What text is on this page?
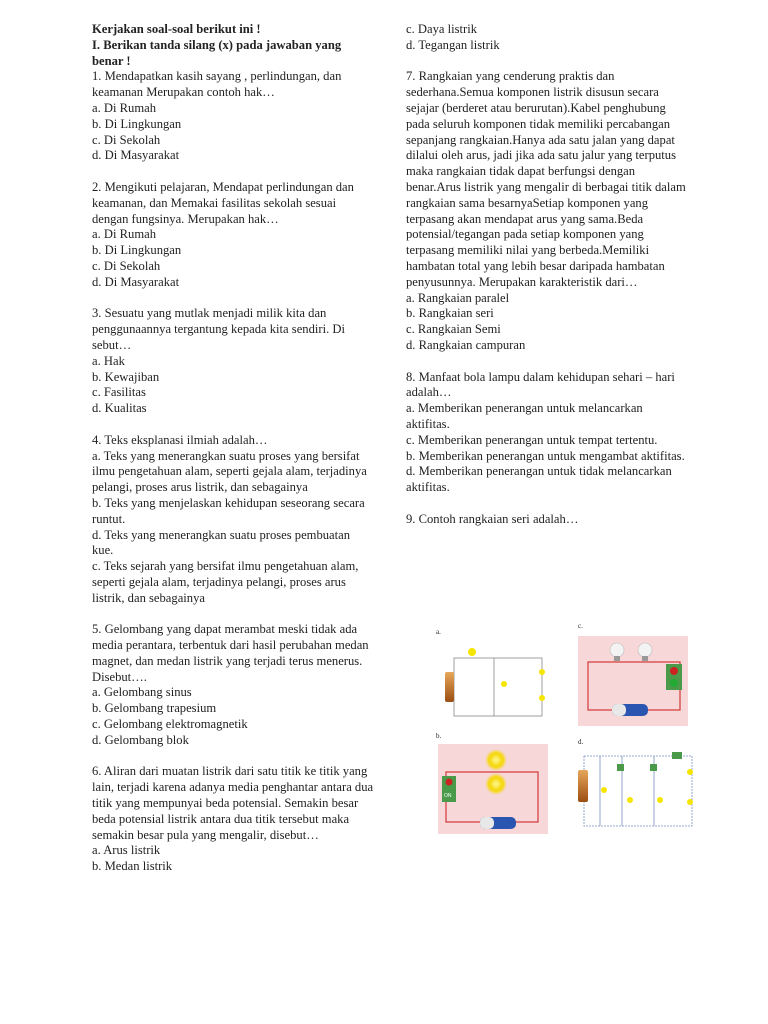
Kerjakan soal-soal berikut ini !

I. Berikan tanda silang (x) pada jawaban yang benar !

1. Mendapatkan kasih sayang , perlindungan, dan keamanan Merupakan contoh hak…

a. Di Rumah

b. Di Lingkungan

c. Di Sekolah

d. Di Masyarakat

2. Mengikuti pelajaran, Mendapat perlindungan dan keamanan, dan Memakai fasilitas sekolah sesuai dengan fungsinya. Merupakan hak…

a. Di Rumah

b. Di Lingkungan

c. Di Sekolah

d. Di Masyarakat

3. Sesuatu yang mutlak menjadi milik kita dan penggunaannya tergantung kepada kita sendiri. Di sebut…

a. Hak

b. Kewajiban

c. Fasilitas

d. Kualitas

4. Teks eksplanasi ilmiah adalah…

a. Teks yang menerangkan suatu proses yang bersifat ilmu pengetahuan alam, seperti gejala alam, terjadinya pelangi, proses arus listrik, dan sebagainya

b. Teks yang menjelaskan kehidupan seseorang secara runtut.

d. Teks yang menerangkan suatu proses pembuatan kue.

c. Teks sejarah yang bersifat ilmu pengetahuan alam, seperti gejala alam, terjadinya pelangi, proses arus listrik, dan sebagainya

5. Gelombang yang dapat merambat meski tidak ada media perantara, terbentuk dari hasil perubahan medan magnet, dan medan listrik yang terjadi terus menerus. Disebut….

a. Gelombang sinus

b. Gelombang trapesium

c. Gelombang elektromagnetik

d. Gelombang blok

6. Aliran dari muatan listrik dari satu titik ke titik yang lain, terjadi karena adanya media penghantar antara dua titik yang mempunyai beda potensial. Semakin besar beda potensial listrik antara dua titik tersebut maka semakin besar pula yang mengalir, disebut…

a. Arus listrik

b. Medan listrik

c. Daya listrik

d. Tegangan listrik

7. Rangkaian yang cenderung praktis dan sederhana.Semua komponen listrik disusun secara sejajar (berderet atau berurutan).Kabel penghubung pada seluruh komponen tidak memiliki percabangan sepanjang rangkaian.Hanya ada satu jalan yang dapat dilalui oleh arus, jadi jika ada satu jalur yang terputus maka rangkaian tidak dapat berfungsi dengan benar.Arus listrik yang mengalir di berbagai titik dalam rangkaian sama besarnyaSetiap komponen yang terpasang akan mendapat arus yang sama.Beda potensial/tegangan pada setiap komponen yang terpasang memiliki nilai yang berbeda.Memiliki hambatan total yang lebih besar daripada hambatan penyusunnya. Merupakan karakteristik dari…

a. Rangkaian paralel

b. Rangkaian seri

c. Rangkaian Semi

d. Rangkaian campuran

8. Manfaat bola lampu dalam kehidupan sehari – hari adalah…

a. Memberikan penerangan untuk melancarkan aktifitas.

c. Memberikan penerangan untuk tempat tertentu.

b. Memberikan penerangan untuk mengambat aktifitas.

d. Memberikan penerangan untuk tidak melancarkan aktifitas.

9. Contoh rangkaian seri adalah…

a.
c.
b.
ON
d.
